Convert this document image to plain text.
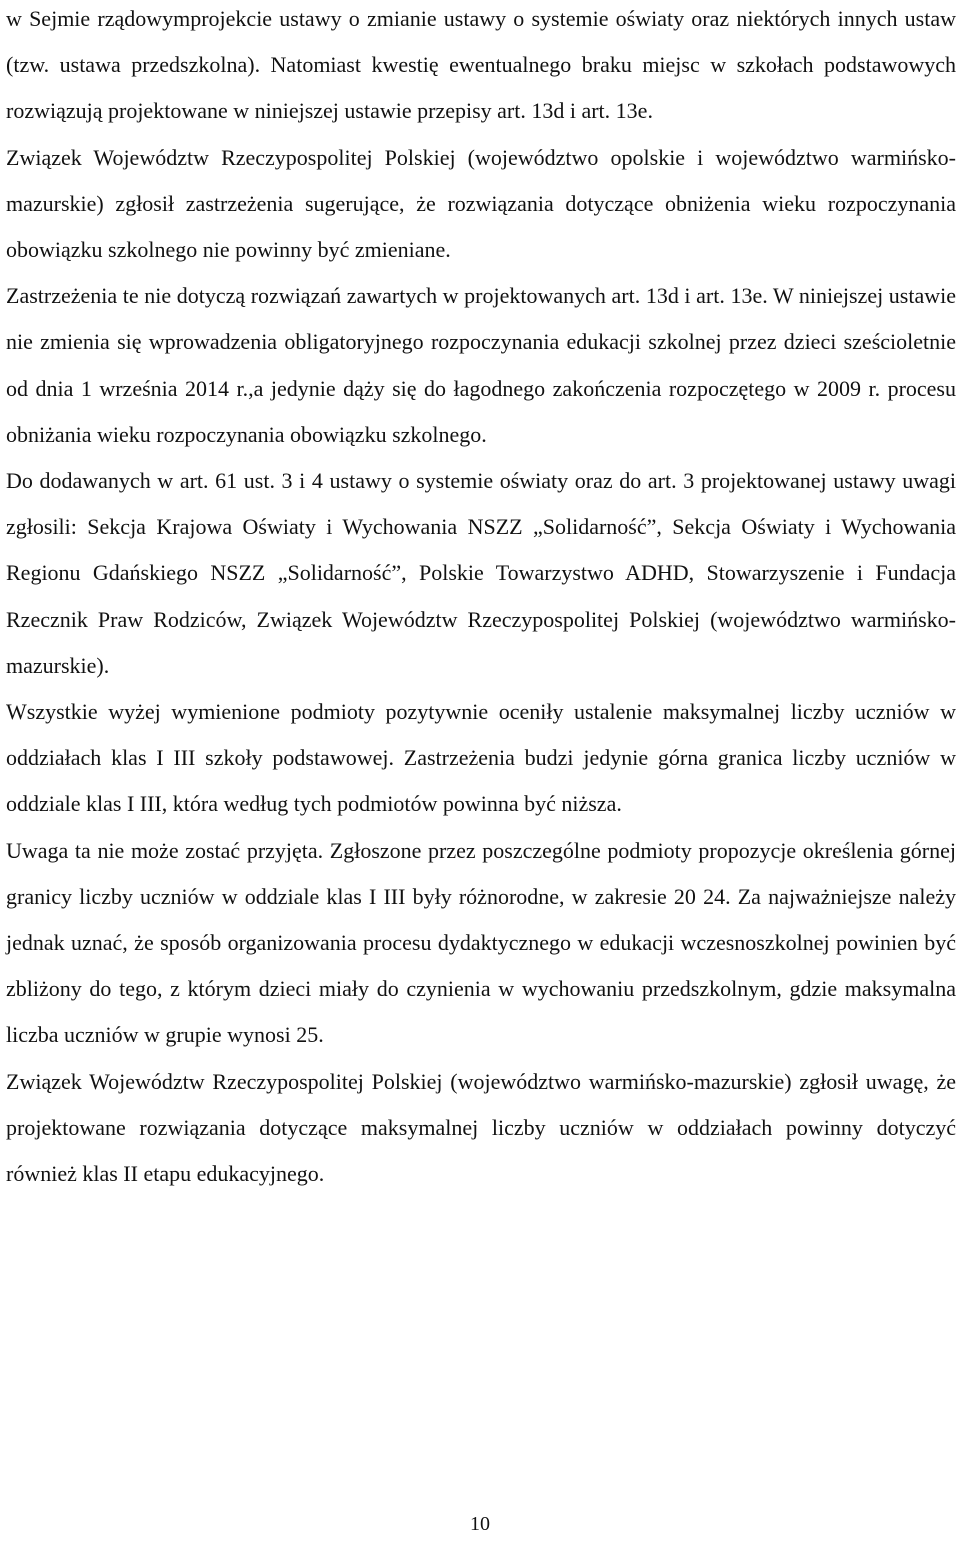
w Sejmie rządowymprojekcie ustawy o zmianie ustawy o systemie oświaty oraz niektórych innych ustaw (tzw. ustawa przedszkolna). Natomiast kwestię ewentualnego braku miejsc w szkołach podstawowych rozwiązują projektowane w niniejszej ustawie przepisy art. 13d i art. 13e.

Związek Województw Rzeczypospolitej Polskiej (województwo opolskie i województwo warmińsko-mazurskie) zgłosił zastrzeżenia sugerujące, że rozwiązania dotyczące obniżenia wieku rozpoczynania obowiązku szkolnego nie powinny być zmieniane.

Zastrzeżenia te nie dotyczą rozwiązań zawartych w projektowanych art. 13d i art. 13e. W niniejszej ustawie nie zmienia się wprowadzenia obligatoryjnego rozpoczynania edukacji szkolnej przez dzieci sześcioletnie od dnia 1 września 2014 r.,a jedynie dąży się do łagodnego zakończenia rozpoczętego w 2009 r. procesu obniżania wieku rozpoczynania obowiązku szkolnego.

Do dodawanych w art. 61 ust. 3 i 4 ustawy o systemie oświaty oraz do art. 3 projektowanej ustawy uwagi zgłosili: Sekcja Krajowa Oświaty i Wychowania NSZZ „Solidarność”, Sekcja Oświaty i Wychowania Regionu Gdańskiego NSZZ „Solidarność”, Polskie Towarzystwo ADHD, Stowarzyszenie i Fundacja Rzecznik Praw Rodziców, Związek Województw Rzeczypospolitej Polskiej (województwo warmińsko-mazurskie).

Wszystkie wyżej wymienione podmioty pozytywnie oceniły ustalenie maksymalnej liczby uczniów w oddziałach klas I III szkoły podstawowej. Zastrzeżenia budzi jedynie górna granica liczby uczniów w oddziale klas I III, która według tych podmiotów powinna być niższa.

Uwaga ta nie może zostać przyjęta. Zgłoszone przez poszczególne podmioty propozycje określenia górnej granicy liczby uczniów w oddziale klas I III były różnorodne, w zakresie 20 24. Za najważniejsze należy jednak uznać, że sposób organizowania procesu dydaktycznego w edukacji wczesnoszkolnej powinien być zbliżony do tego, z którym dzieci miały do czynienia w wychowaniu przedszkolnym, gdzie maksymalna liczba uczniów w grupie wynosi 25.

Związek Województw Rzeczypospolitej Polskiej (województwo warmińsko-mazurskie) zgłosił uwagę, że projektowane rozwiązania dotyczące maksymalnej liczby uczniów w oddziałach powinny dotyczyć również klas II etapu edukacyjnego.

10
